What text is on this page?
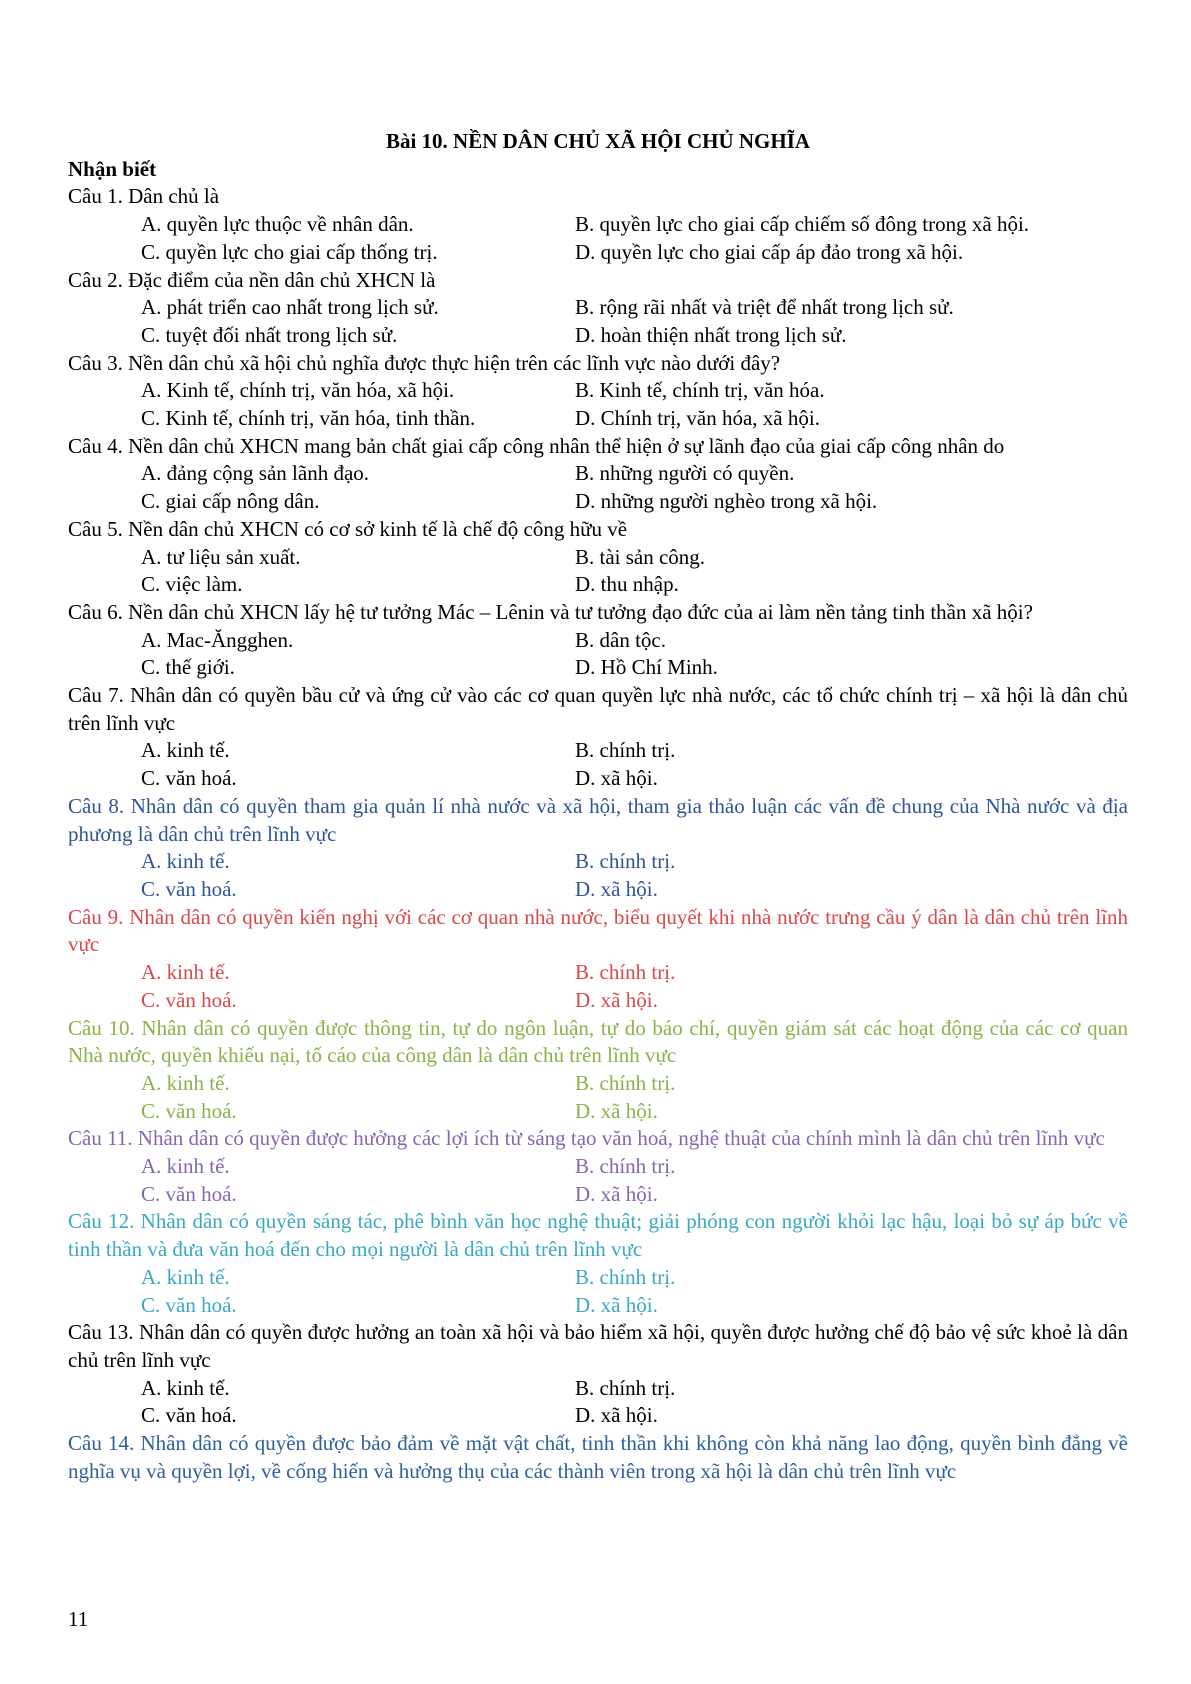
Bài 10. NỀN DÂN CHỦ XÃ HỘI CHỦ NGHĨA

Nhận biết

Câu 1. Dân chủ là

A. quyền lực thuộc về nhân dân.	B. quyền lực cho giai cấp chiếm số đông trong xã hội.
C. quyền lực cho giai cấp thống trị.	D. quyền lực cho giai cấp áp đảo trong xã hội.

Câu 2. Đặc điểm của nền dân chủ XHCN là

A. phát triển cao nhất trong lịch sử.	B. rộng rãi nhất và triệt để nhất trong lịch sử.
C. tuyệt đối nhất trong lịch sử.	D. hoàn thiện nhất trong lịch sử.

Câu 3. Nền dân chủ xã hội chủ nghĩa được thực hiện trên các lĩnh vực nào dưới đây?

A. Kinh tế, chính trị, văn hóa, xã hội.	B. Kinh tế, chính trị, văn hóa.
C. Kinh tế, chính trị, văn hóa, tinh thần.	D. Chính trị, văn hóa, xã hội.

Câu 4. Nền dân chủ XHCN mang bản chất giai cấp công nhân thể hiện ở sự lãnh đạo của giai cấp công nhân do

A. đảng cộng sản lãnh đạo.	B. những người có quyền.
C. giai cấp nông dân.	D. những người nghèo trong xã hội.

Câu 5. Nền dân chủ XHCN có cơ sở kinh tế là chế độ công hữu về

A. tư liệu sản xuất.	B. tài sản công.
C. việc làm.	D. thu nhập.

Câu 6. Nền dân chủ XHCN lấy hệ tư tưởng Mác – Lênin và tư tưởng đạo đức của ai làm nền tảng tinh thần xã hội?

A. Mac-Ăngghen.	B. dân tộc.
C. thế giới.	D. Hồ Chí Minh.

Câu 7. Nhân dân có quyền bầu cử và ứng cử vào các cơ quan quyền lực nhà nước, các tổ chức chính trị – xã hội là dân chủ trên lĩnh vực

A. kinh tế.	B. chính trị.
C. văn hoá.	D. xã hội.

Câu 8. Nhân dân có quyền tham gia quản lí nhà nước và xã hội, tham gia thảo luận các vấn đề chung của Nhà nước và địa phương là dân chủ trên lĩnh vực

A. kinh tế.	B. chính trị.
C. văn hoá.	D. xã hội.

Câu 9. Nhân dân có quyền kiến nghị với các cơ quan nhà nước, biểu quyết khi nhà nước trưng cầu ý dân là dân chủ trên lĩnh vực

A. kinh tế.	B. chính trị.
C. văn hoá.	D. xã hội.

Câu 10. Nhân dân có quyền được thông tin, tự do ngôn luận, tự do báo chí, quyền giám sát các hoạt động của các cơ quan Nhà nước, quyền khiếu nại, tố cáo của công dân là dân chủ trên lĩnh vực

A. kinh tế.	B. chính trị.
C. văn hoá.	D. xã hội.

Câu 11. Nhân dân có quyền được hưởng các lợi ích từ sáng tạo văn hoá, nghệ thuật của chính mình là dân chủ trên lĩnh vực

A. kinh tế.	B. chính trị.
C. văn hoá.	D. xã hội.

Câu 12. Nhân dân có quyền sáng tác, phê bình văn học nghệ thuật; giải phóng con người khỏi lạc hậu, loại bỏ sự áp bức về tinh thần và đưa văn hoá đến cho mọi người là dân chủ trên lĩnh vực

A. kinh tế.	B. chính trị.
C. văn hoá.	D. xã hội.

Câu 13. Nhân dân có quyền được hưởng an toàn xã hội và bảo hiểm xã hội, quyền được hưởng chế độ bảo vệ sức khoẻ là dân chủ trên lĩnh vực

A. kinh tế.	B. chính trị.
C. văn hoá.	D. xã hội.

Câu 14. Nhân dân có quyền được bảo đảm về mặt vật chất, tinh thần khi không còn khả năng lao động, quyền bình đẳng về nghĩa vụ và quyền lợi, về cống hiến và hưởng thụ của các thành viên trong xã hội là dân chủ trên lĩnh vực

11
